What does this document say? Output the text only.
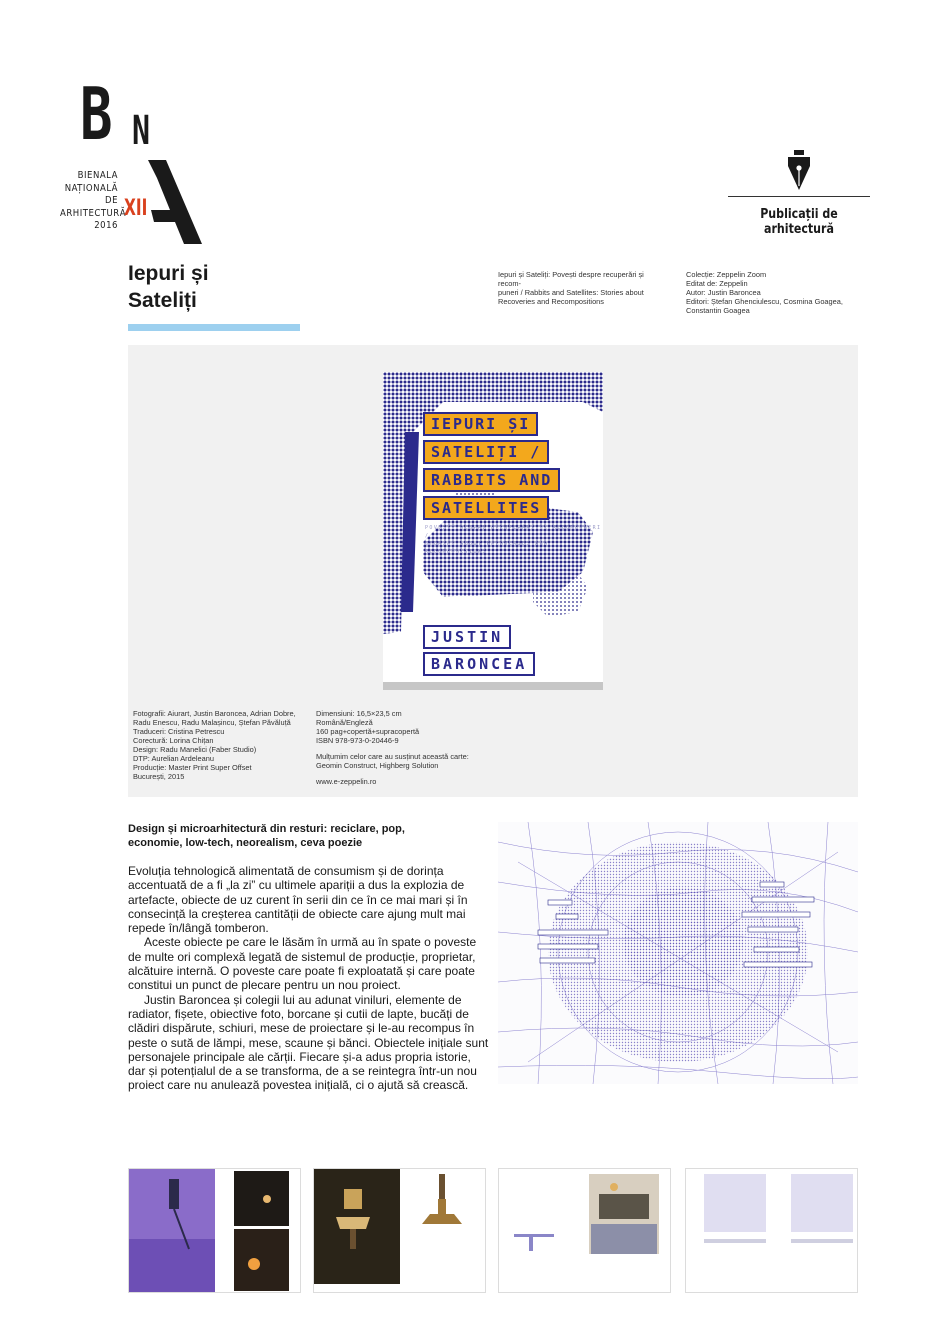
B N
BIENALA
NAȚIONALĂ
DE
ARHITECTURĂ
2016
XII	Publicații de arhitectură
Iepuri și
Sateliți
Iepuri și Sateliți: Povești despre recuperări și recom-
puneri / Rabbits and Satellites: Stories about
Recoveries and Recompositions
Colecție: Zeppelin Zoom
Editat de: Zeppelin
Autor: Justin Baroncea
Editori: Ștefan Ghenciulescu, Cosmina Goagea,
Constantin Goagea
IEPURI ȘI
SATELIȚI /
RABBITS AND
SATELLITES
POVEȘTI DESPRE RECUPERĂRI ȘI RECOMPUNERI /
STORIES ABOUT RECOVERIES AND RECOMPOSITIONS
JUSTIN
BARONCEA
Fotografii: Aiurart, Justin Baroncea, Adrian Dobre,
Radu Enescu, Radu Malașincu, Ștefan Păvăluță
Traduceri: Cristina Petrescu
Corectură: Lorina Chițan
Design: Radu Manelici (Faber Studio)
DTP: Aurelian Ardeleanu
Producție: Master Print Super Offset
București, 2015
Dimensiuni: 16,5×23,5 cm
Română/Engleză
160 pag+copertă+supracopertă
ISBN 978-973-0-20446-9
Mulțumim celor care au susținut această carte:
Geomin Construct, Highberg Solution
www.e-zeppelin.ro
Design și microarhitectură din resturi: reciclare, pop, economie, low-tech, neorealism, ceva poezie

Evoluția tehnologică alimentată de consumism și de dorința accentuată de a fi „la zi” cu ultimele apariții a dus la explozia de artefacte, obiecte de uz curent în serii din ce în ce mai mari și în consecință la creșterea cantității de obiecte care ajung mult mai repede în/lângă tomberon.

Aceste obiecte pe care le lăsăm în urmă au în spate o poveste de multe ori complexă legată de sistemul de producție, proprietar, alcătuire internă. O poveste care poate fi exploatată și care poate constitui un punct de plecare pentru un nou proiect.

Justin Baroncea și colegii lui au adunat viniluri, elemente de radiator, fișete, obiective foto, borcane și cutii de lapte, bucăți de clădiri dispărute, schiuri, mese de proiectare și le-au recompus în peste o sută de lămpi, mese, scaune și bănci. Obiectele inițiale sunt personajele principale ale cărții. Fiecare și-a adus propria istorie, dar și potențialul de a se transforma, de a se reintegra într-un nou proiect care nu anulează povestea inițială, ci o ajută să crească.
